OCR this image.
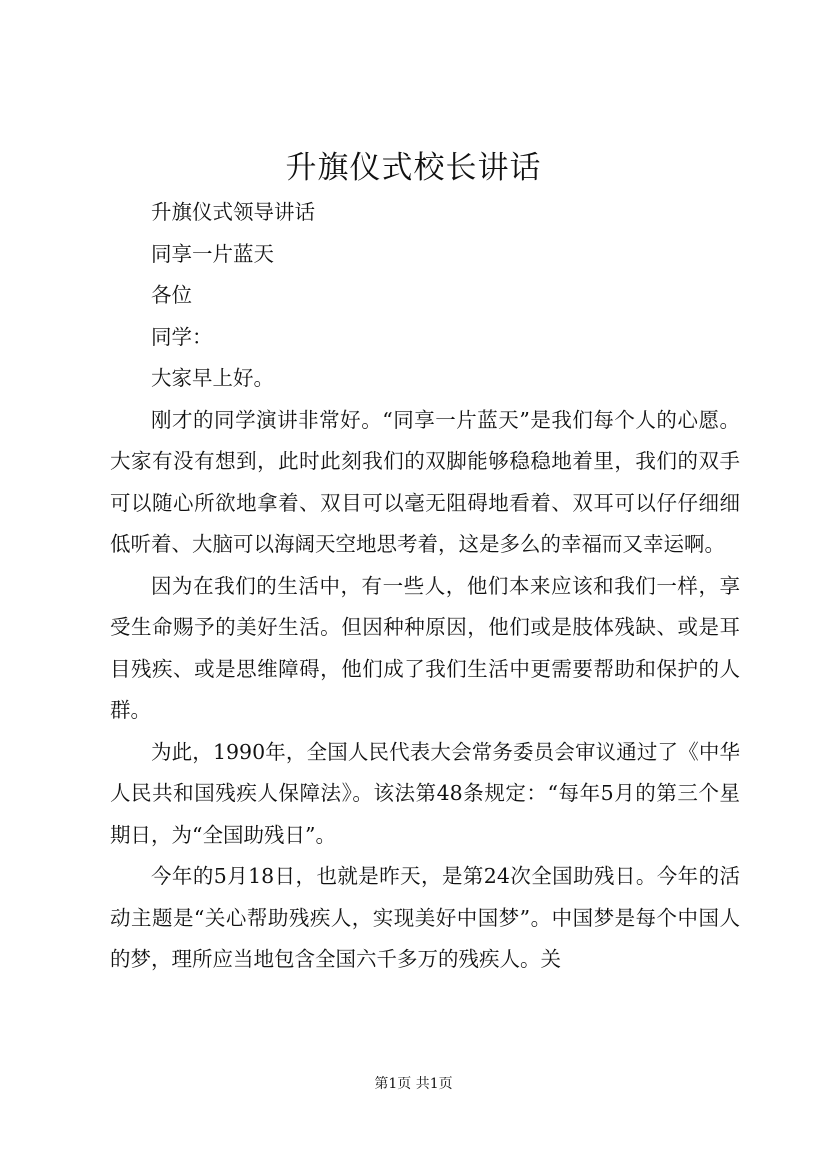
升旗仪式校长讲话

升旗仪式领导讲话

同享一片蓝天

各位

同学：

大家早上好。

刚才的同学演讲非常好。“同享一片蓝天”是我们每个人的心愿。大家有没有想到，此时此刻我们的双脚能够稳稳地着里，我们的双手可以随心所欲地拿着、双目可以毫无阻碍地看着、双耳可以仔仔细细低听着、大脑可以海阔天空地思考着，这是多么的幸福而又幸运啊。

因为在我们的生活中，有一些人，他们本来应该和我们一样，享受生命赐予的美好生活。但因种种原因，他们或是肢体残缺、或是耳目残疾、或是思维障碍，他们成了我们生活中更需要帮助和保护的人群。

为此，1990年，全国人民代表大会常务委员会审议通过了《中华人民共和国残疾人保障法》。该法第48条规定：“每年5月的第三个星期日，为“全国助残日”。

今年的5月18日，也就是昨天，是第24次全国助残日。今年的活动主题是“关心帮助残疾人，实现美好中国梦”。中国梦是每个中国人的梦，理所应当地包含全国六千多万的残疾人。关

第1页 共1页
